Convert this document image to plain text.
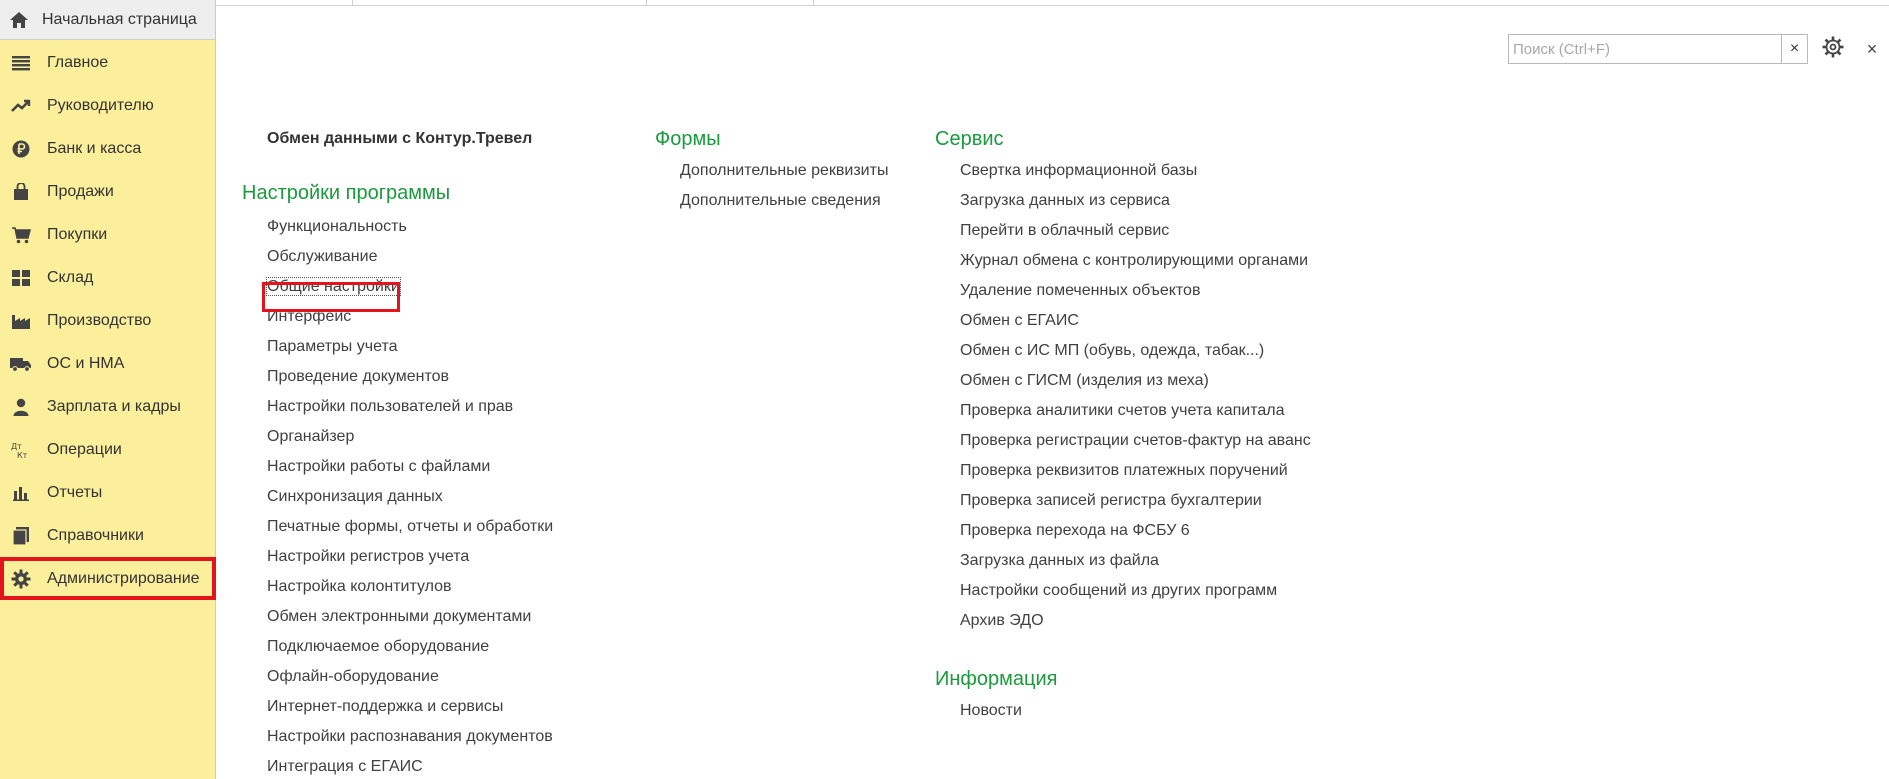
Начальная страница
Главное
Руководителю
Банк и касса
Продажи
Покупки
Склад
Производство
ОС и НМА
Зарплата и кадры
Дт
Кт Операции
Отчеты
Справочники
Администрирование
Поиск (Ctrl+F)
×	×
Обмен данными с Контур.Тревел
Настройки программы
Функциональность
Обслуживание
Общие настройки
Интерфейс
Параметры учета
Проведение документов
Настройки пользователей и прав
Органайзер
Настройки работы с файлами
Синхронизация данных
Печатные формы, отчеты и обработки
Настройки регистров учета
Настройка колонтитулов
Обмен электронными документами
Подключаемое оборудование
Офлайн-оборудование
Интернет-поддержка и сервисы
Настройки распознавания документов
Интеграция с ЕГАИС
Формы
Дополнительные реквизиты
Дополнительные сведения
Сервис
Свертка информационной базы
Загрузка данных из сервиса
Перейти в облачный сервис
Журнал обмена с контролирующими органами
Удаление помеченных объектов
Обмен с ЕГАИС
Обмен с ИС МП (обувь, одежда, табак...)
Обмен с ГИСМ (изделия из меха)
Проверка аналитики счетов учета капитала
Проверка регистрации счетов-фактур на аванс
Проверка реквизитов платежных поручений
Проверка записей регистра бухгалтерии
Проверка перехода на ФСБУ 6
Загрузка данных из файла
Настройки сообщений из других программ
Архив ЭДО
Информация
Новости
